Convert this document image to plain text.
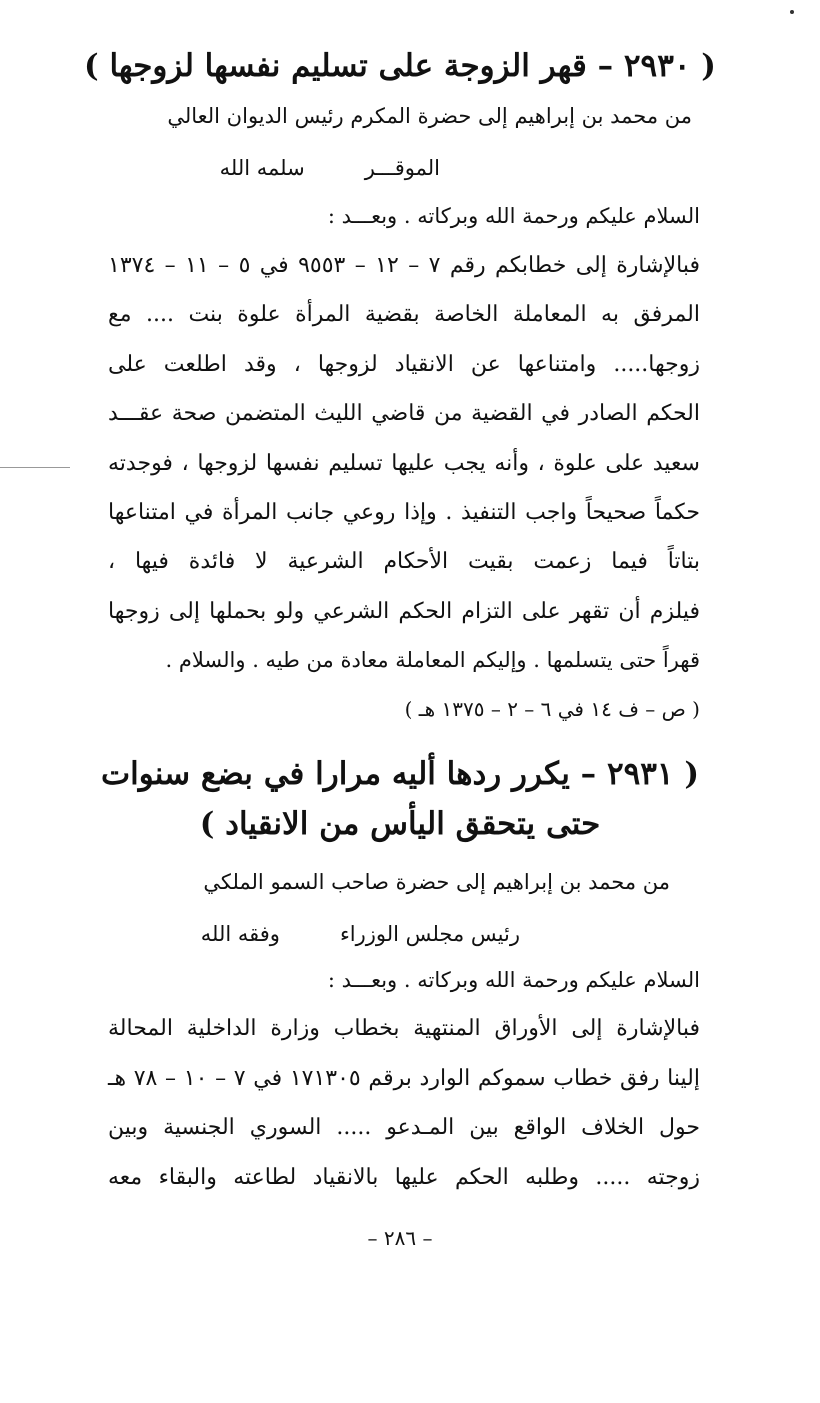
( ٢٩٣٠ – قهر الزوجة على تسليم نفسها لزوجها )
من محمد بن إبراهيم إلى حضرة المكرم رئيس الديوان العالي
الموقـــرسلمه الله
السلام عليكم ورحمة الله وبركاته . وبعـــد :
فبالإشارة إلى خطابكم رقم ٧ – ١٢ – ٩٥٥٣ في ٥ – ١١ – ١٣٧٤
المرفق به المعاملة الخاصة بقضية المرأة علوة بنت .... مع
زوجها..... وامتناعها عن الانقياد لزوجها ، وقد اطلعت على
الحكم الصادر في القضية من قاضي الليث المتضمن صحة عقـــد
سعيد على علوة ، وأنه يجب عليها تسليم نفسها لزوجها ، فوجدته
حكماً صحيحاً واجب التنفيذ . وإذا روعي جانب المرأة في امتناعها
بتاتاً فيما زعمت بقيت الأحكام الشرعية لا فائدة فيها ،
فيلزم أن تقهر على التزام الحكم الشرعي ولو بحملها إلى زوجها
قهراً حتى يتسلمها . وإليكم المعاملة معادة من طيه . والسلام .
( ص – ف ١٤ في ٦ – ٢ – ١٣٧٥ هـ )
( ٢٩٣١ – يكرر ردها أليه مرارا في بضع سنوات
حتى يتحقق اليأس من الانقياد )
من محمد بن إبراهيم إلى حضرة صاحب السمو الملكي
رئيس مجلس الوزراءوفقه الله
السلام عليكم ورحمة الله وبركاته . وبعـــد :
فبالإشارة إلى الأوراق المنتهية بخطاب وزارة الداخلية المحالة
إلينا رفق خطاب سموكم الوارد برقم ١٧١٣٠٥ في ٧ – ١٠ – ٧٨ هـ
حول الخلاف الواقع بين المـدعو ..... السوري الجنسية وبين
زوجته ..... وطلبه الحكم عليها بالانقياد لطاعته والبقاء معه
– ٢٨٦ –
